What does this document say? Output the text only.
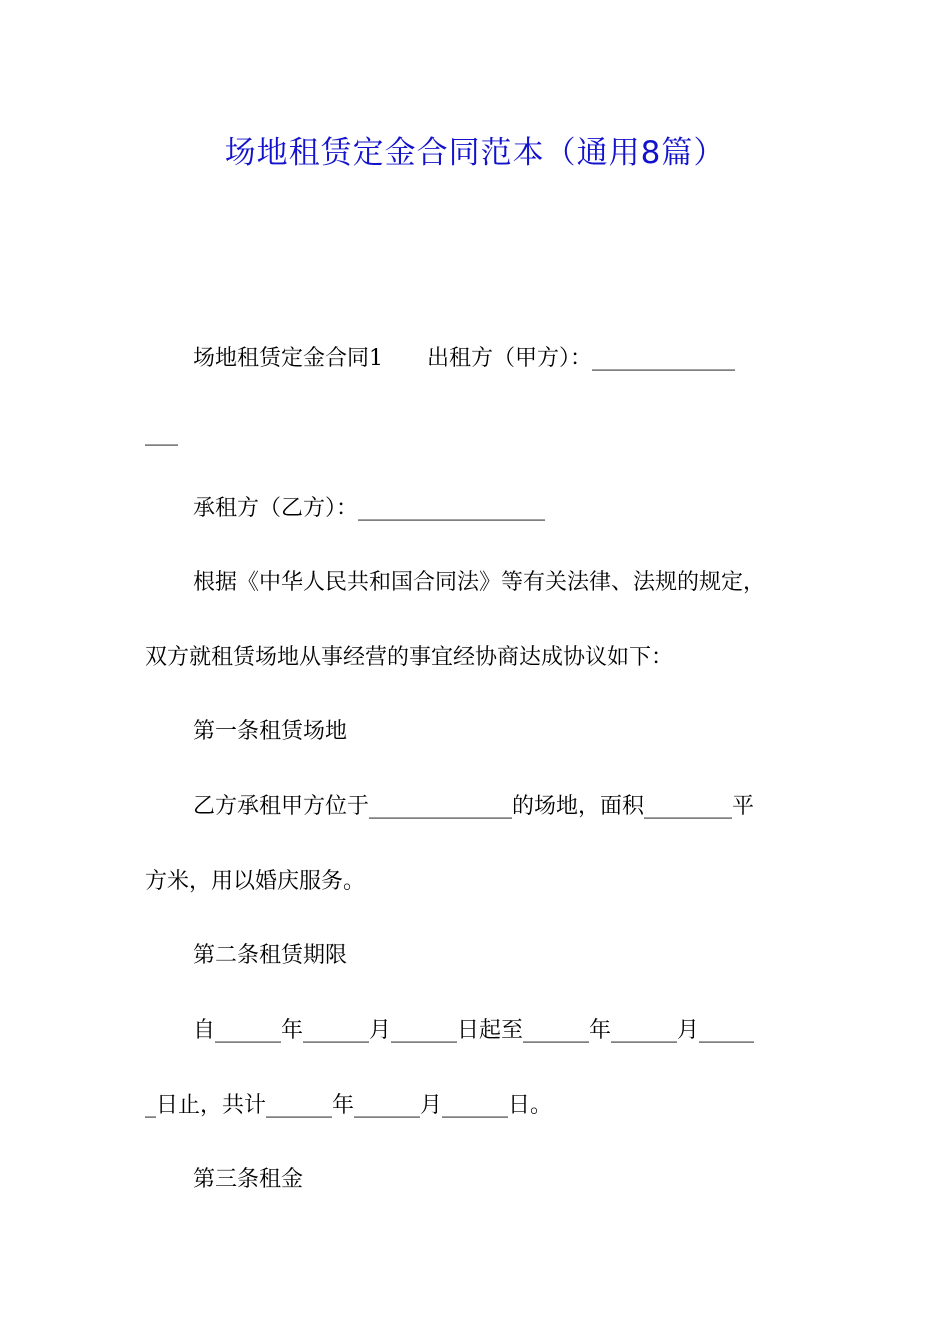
场地租赁定金合同范本（通用8篇）
场地租赁定金合同1　　出租方（甲方）：_____________
___
承租方（乙方）：_________________
根据《中华人民共和国合同法》等有关法律、法规的规定，
双方就租赁场地从事经营的事宜经协商达成协议如下：
第一条租赁场地
乙方承租甲方位于_____________的场地，面积________平
方米，用以婚庆服务。
第二条租赁期限
自______年______月______日起至______年______月_____
_日止，共计______年______月______日。
第三条租金
